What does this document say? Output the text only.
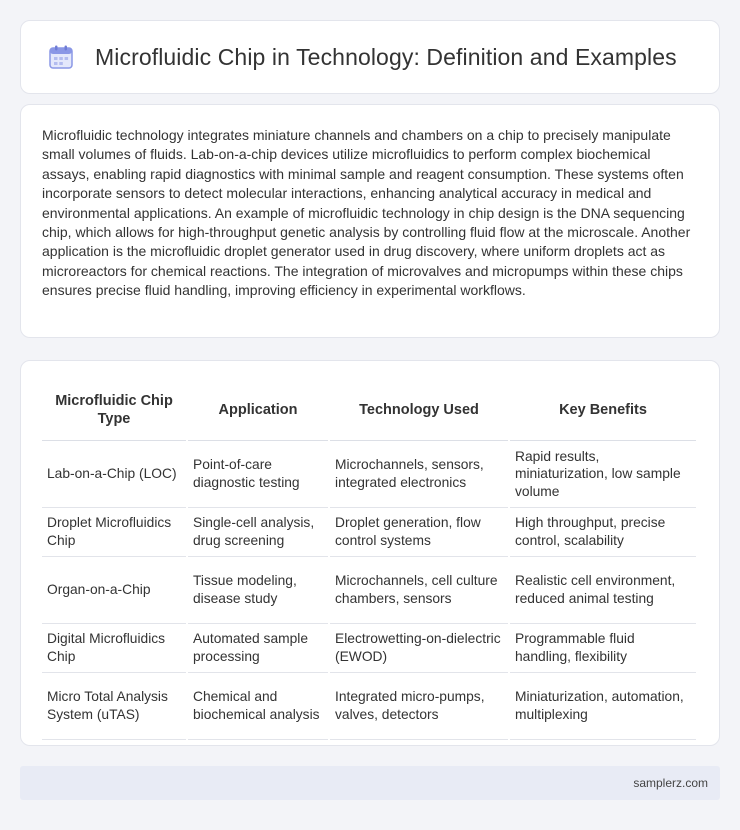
Microfluidic Chip in Technology: Definition and Examples

Microfluidic technology integrates miniature channels and chambers on a chip to precisely manipulate small volumes of fluids. Lab-on-a-chip devices utilize microfluidics to perform complex biochemical assays, enabling rapid diagnostics with minimal sample and reagent consumption. These systems often incorporate sensors to detect molecular interactions, enhancing analytical accuracy in medical and environmental applications. An example of microfluidic technology in chip design is the DNA sequencing chip, which allows for high-throughput genetic analysis by controlling fluid flow at the microscale. Another application is the microfluidic droplet generator used in drug discovery, where uniform droplets act as microreactors for chemical reactions. The integration of microvalves and micropumps within these chips ensures precise fluid handling, improving efficiency in experimental workflows.

Microfluidic Chip Type	Application	Technology Used	Key Benefits
Lab-on-a-Chip (LOC)	Point-of-care diagnostic testing	Microchannels, sensors, integrated electronics	Rapid results, miniaturization, low sample volume
Droplet Microfluidics Chip	Single-cell analysis, drug screening	Droplet generation, flow control systems	High throughput, precise control, scalability
Organ-on-a-Chip	Tissue modeling, disease study	Microchannels, cell culture chambers, sensors	Realistic cell environment, reduced animal testing
Digital Microfluidics Chip	Automated sample processing	Electrowetting-on-dielectric (EWOD)	Programmable fluid handling, flexibility
Micro Total Analysis System (uTAS)	Chemical and biochemical analysis	Integrated micro-pumps, valves, detectors	Miniaturization, automation, multiplexing
samplerz.com
